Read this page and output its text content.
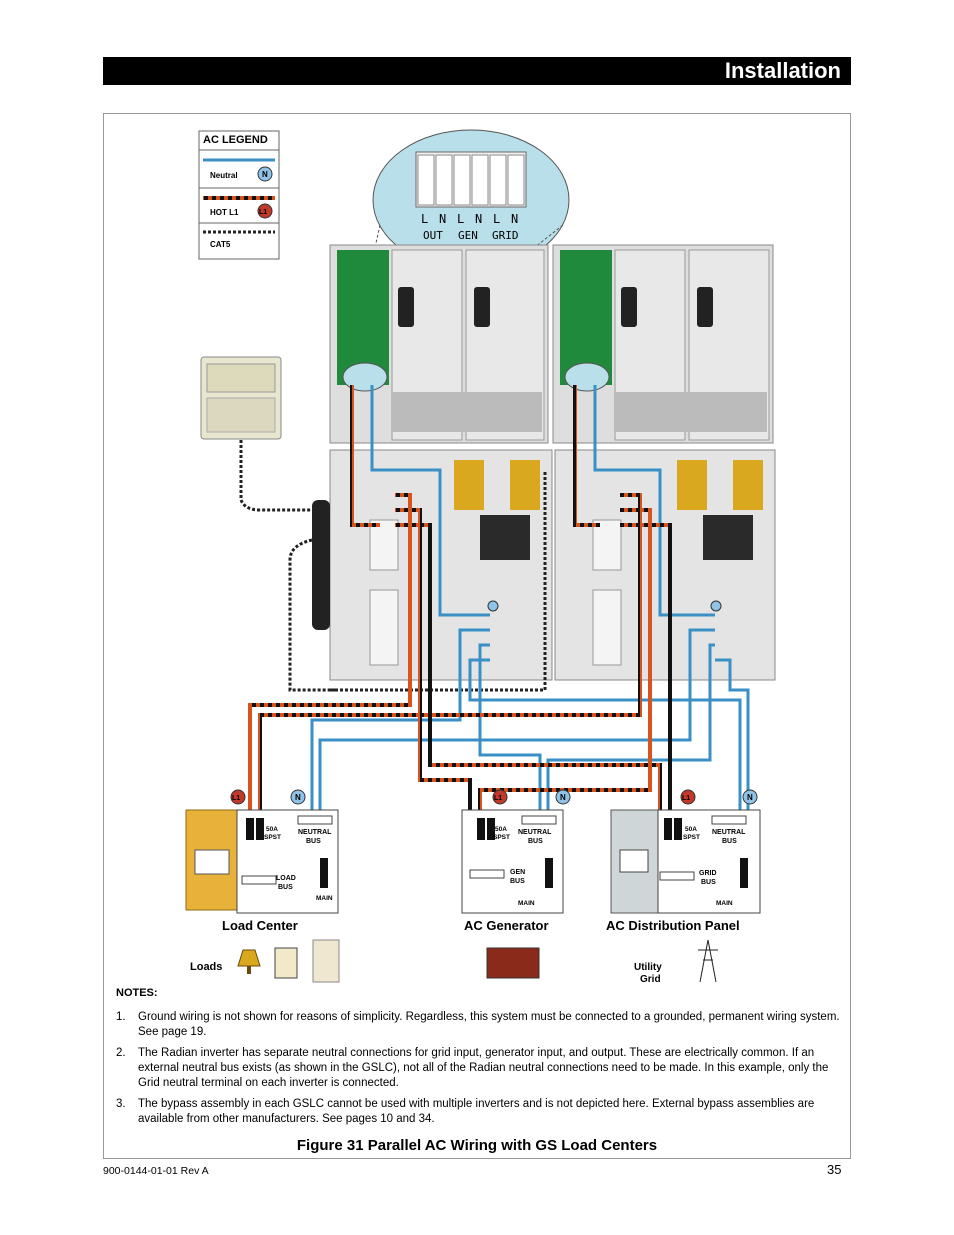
Installation
AC LEGEND
Neutral	N
HOT L1	L1
CAT5
L N L N L N
OUT GEN GRID
50A SPST
NEUTRAL BUS
LOAD BUS
MAIN
Load Center
50A SPST
NEUTRAL BUS
GEN BUS
MAIN
AC Generator
50A SPST
NEUTRAL BUS
GRID BUS
MAIN
AC Distribution Panel
L1	N	L1	N	L1	N
Loads	Utility
Grid
NOTES:
1. Ground wiring is not shown for reasons of simplicity. Regardless, this system must be connected to a grounded, permanent wiring system. See page 19.
2. The Radian inverter has separate neutral connections for grid input, generator input, and output. These are electrically common. If an external neutral bus exists (as shown in the GSLC), not all of the Radian neutral connections need to be made. In this example, only the Grid neutral terminal on each inverter is connected.
3. The bypass assembly in each GSLC cannot be used with multiple inverters and is not depicted here. External bypass assemblies are available from other manufacturers. See pages 10 and 34.
Figure 31 Parallel AC Wiring with GS Load Centers
900-0144-01-01 Rev A	35
